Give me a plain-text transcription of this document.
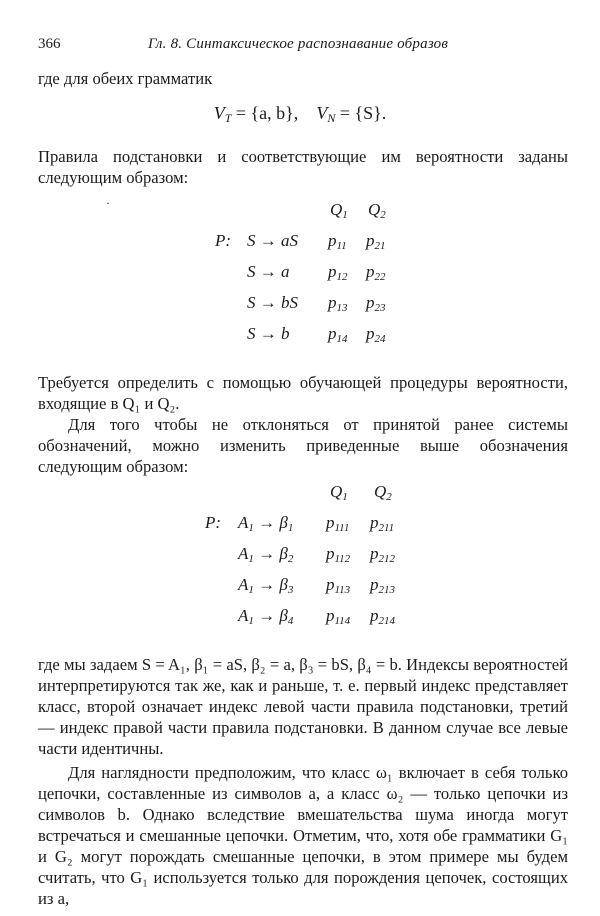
366	Гл. 8. Синтаксическое распознавание образов

где для обеих грамматик

$V_T = \{a$, b}, $V_N = \{S\}$.

Правила подстановки и соответствующие им вероятности заданы следующим образом:

·	$Q_1$ $Q_2$
P: S → aS $p_{11}$ $p_{21}$
S → a $p_{12}$ $p_{22}$
S → bS $p_{13}$ $p_{23}$
S → b $p_{14}$ $p_{24}$

Требуется определить с помощью обучающей процедуры вероятности, входящие в Q₁ и Q₂.

Для того чтобы не отклоняться от принятой ранее системы обозначений, можно изменить приведенные выше обозначения следующим образом:

$Q_1$ $Q_2$
P: $A_1 \to \beta_1$ $p_{111}$ $p_{211}$
$A_1 \to \beta_2$ $p_{112}$ $p_{212}$
$A_1 \to \beta_3$ $p_{113}$ $p_{213}$
$A_1 \to \beta_4$ $p_{114}$ $p_{214}$

где мы задаем S = A₁, β₁ = aS, β₂ = a, β₃ = bS, β₄ = b. Индексы вероятностей интерпретируются так же, как и раньше, т. е. первый индекс представляет класс, второй означает индекс левой части правила подстановки, третий — индекс правой части правила подстановки. В данном случае все левые части идентичны.

Для наглядности предположим, что класс ω₁ включает в себя только цепочки, составленные из символов a, а класс ω₂ — только цепочки из символов b. Однако вследствие вмешательства шума иногда могут встречаться и смешанные цепочки. Отметим, что, хотя обе грамматики G₁ и G₂ могут порождать смешанные цепочки, в этом примере мы будем считать, что G₁ используется только для порождения цепочек, состоящих из a,
